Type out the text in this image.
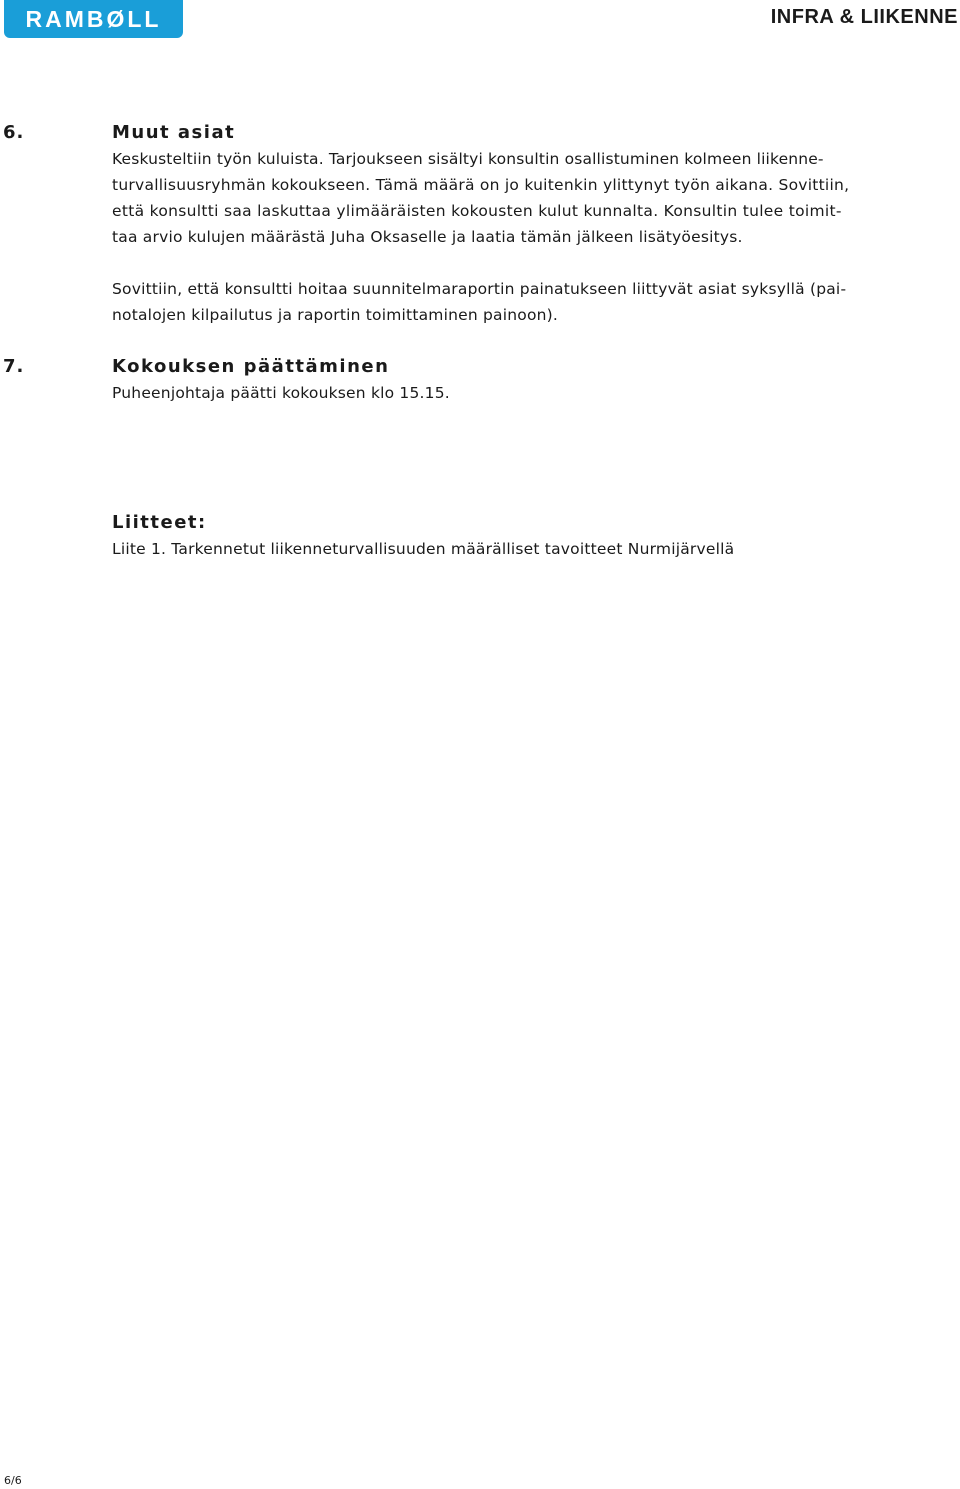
RAMBØLL	INFRA & LIIKENNE
6.	Muut asiat
Keskusteltiin työn kuluista. Tarjoukseen sisältyi konsultin osallistuminen kolmeen liikenne-
turvallisuusryhmän kokoukseen. Tämä määrä on jo kuitenkin ylittynyt työn aikana. Sovittiin,
että konsultti saa laskuttaa ylimääräisten kokousten kulut kunnalta. Konsultin tulee toimit-
taa arvio kulujen määrästä Juha Oksaselle ja laatia tämän jälkeen lisätyöesitys.
Sovittiin, että konsultti hoitaa suunnitelmaraportin painatukseen liittyvät asiat syksyllä (pai-
notalojen kilpailutus ja raportin toimittaminen painoon).
7.	Kokouksen päättäminen
Puheenjohtaja päätti kokouksen klo 15.15.
Liitteet:
Liite 1. Tarkennetut liikenneturvallisuuden määrälliset tavoitteet Nurmijärvellä
6/6
